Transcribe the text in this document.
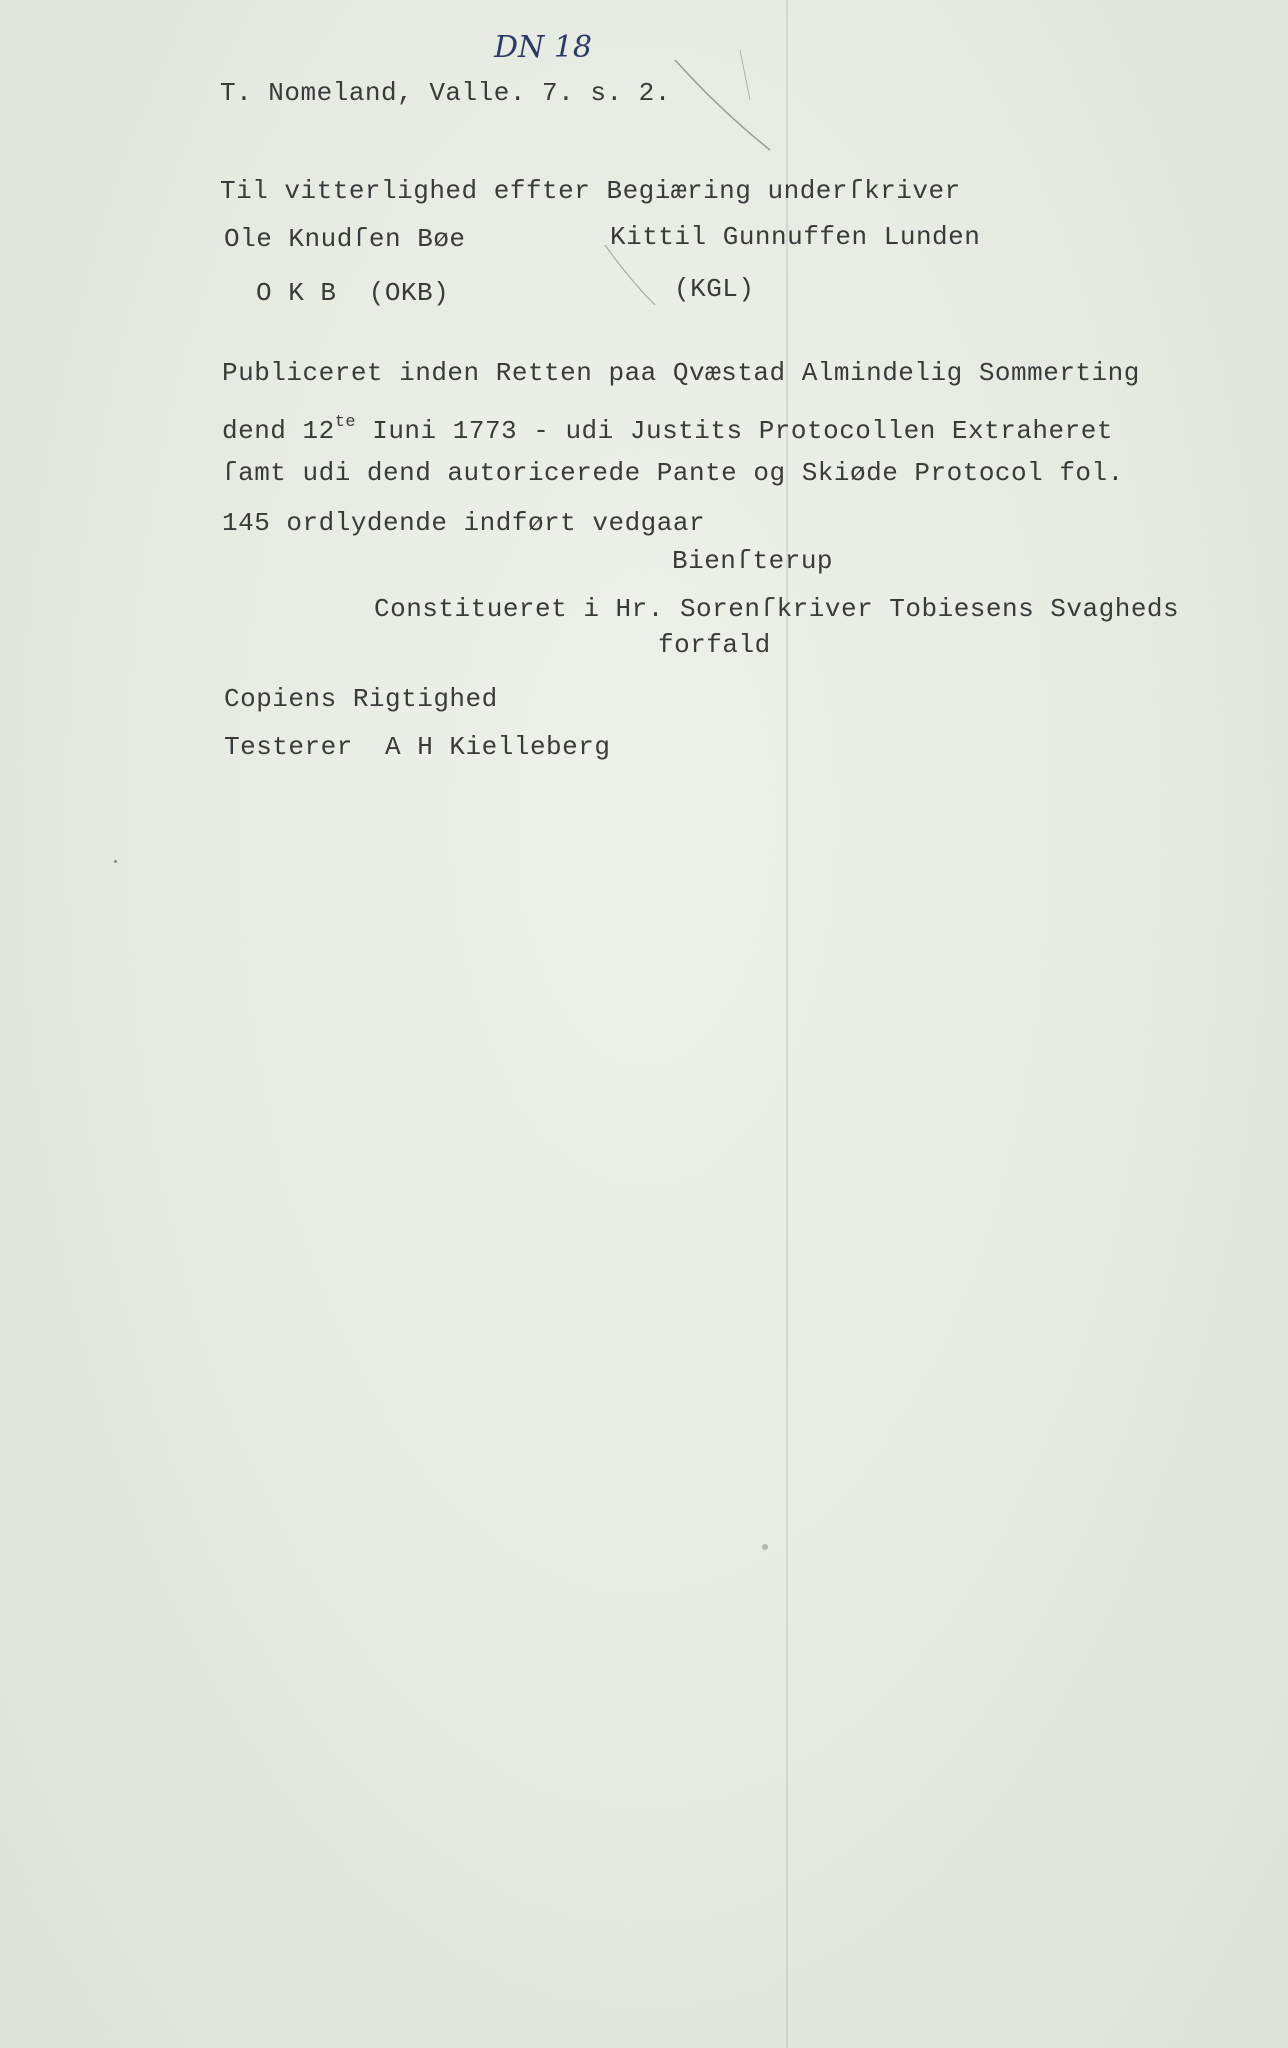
DN 18
T. Nomeland, Valle. 7. s. 2.
Til vitterlighed effter Begiæring underſkriver
Ole Knudſen Bøe	Kittil Gunnuffen Lunden
O K B  (OKB)	(KGL)
Publiceret inden Retten paa Qvæstad Almindelig Sommerting
dend $12^{te}$ Iuni 1773 - udi Justits Protocollen Extraheret
ſamt udi dend autoricerede Pante og Skiøde Protocol fol.
145 ordlydende indført vedgaar
Bienſterup
Constitueret i Hr. Sorenſkriver Tobiesens Svagheds
forfald
Copiens Rigtighed
Testerer  A H Kielleberg
